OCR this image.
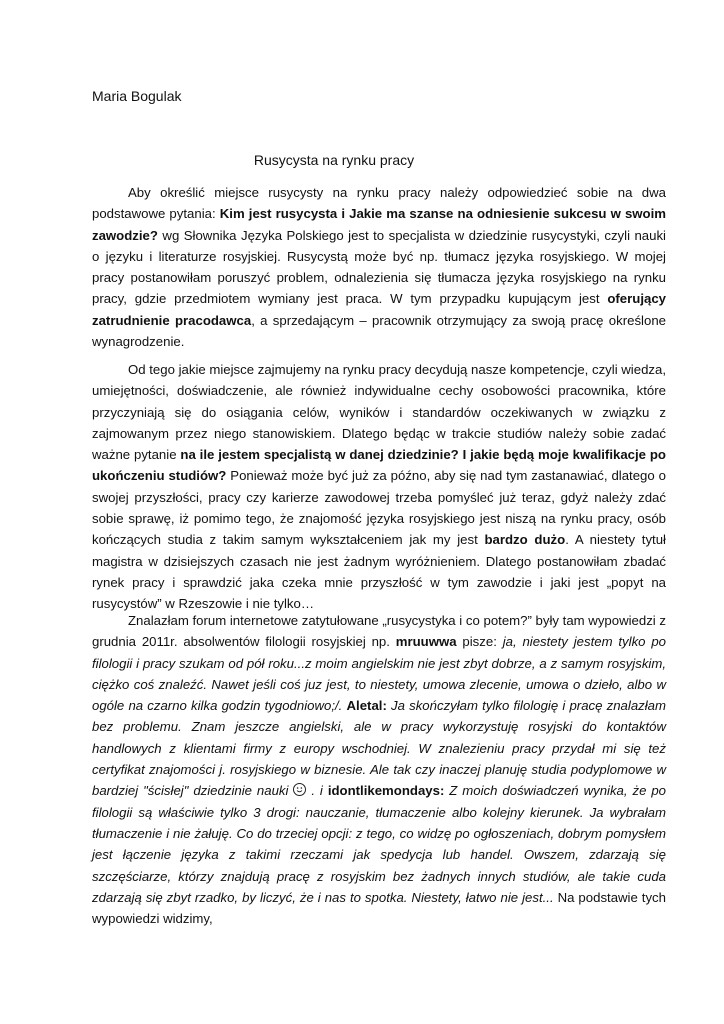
Maria Bogulak
Rusycysta na rynku pracy

Aby określić miejsce rusycysty na rynku pracy należy odpowiedzieć sobie na dwa podstawowe pytania: Kim jest rusycysta i Jakie ma szanse na odniesienie sukcesu w swoim zawodzie? wg Słownika Języka Polskiego jest to specjalista w dziedzinie rusycystyki, czyli nauki o języku i literaturze rosyjskiej. Rusycystą może być np. tłumacz języka rosyjskiego. W mojej pracy postanowiłam poruszyć problem, odnalezienia się tłumacza języka rosyjskiego na rynku pracy, gdzie przedmiotem wymiany jest praca. W tym przypadku kupującym jest oferujący zatrudnienie pracodawca, a sprzedającym – pracownik otrzymujący za swoją pracę określone wynagrodzenie.

Od tego jakie miejsce zajmujemy na rynku pracy decydują nasze kompetencje, czyli wiedza, umiejętności, doświadczenie, ale również indywidualne cechy osobowości pracownika, które przyczyniają się do osiągania celów, wyników i standardów oczekiwanych w związku z zajmowanym przez niego stanowiskiem. Dlatego będąc w trakcie studiów należy sobie zadać ważne pytanie na ile jestem specjalistą w danej dziedzinie? I jakie będą moje kwalifikacje po ukończeniu studiów? Ponieważ może być już za późno, aby się nad tym zastanawiać, dlatego o swojej przyszłości, pracy czy karierze zawodowej trzeba pomyśleć już teraz, gdyż należy zdać sobie sprawę, iż pomimo tego, że znajomość języka rosyjskiego jest niszą na rynku pracy, osób kończących studia z takim samym wykształceniem jak my jest bardzo dużo. A niestety tytuł magistra w dzisiejszych czasach nie jest żadnym wyróżnieniem. Dlatego postanowiłam zbadać rynek pracy i sprawdzić jaka czeka mnie przyszłość w tym zawodzie i jaki jest „popyt na rusycystów” w Rzeszowie i nie tylko…

Znalazłam forum internetowe zatytułowane „rusycystyka i co potem?” były tam wypowiedzi z grudnia 2011r. absolwentów filologii rosyjskiej np. mruuwwa pisze: ja, niestety jestem tylko po filologii i pracy szukam od pół roku...z moim angielskim nie jest zbyt dobrze, a z samym rosyjskim, ciężko coś znaleźć. Nawet jeśli coś juz jest, to niestety, umowa zlecenie, umowa o dzieło, albo w ogóle na czarno kilka godzin tygodniowo;/. Aletal: Ja skończyłam tylko filologię i pracę znalazłam bez problemu. Znam jeszcze angielski, ale w pracy wykorzystuję rosyjski do kontaktów handlowych z klientami firmy z europy wschodniej. W znalezieniu pracy przydał mi się też certyfikat znajomości j. rosyjskiego w biznesie. Ale tak czy inaczej planuję studia podyplomowe w bardziej "ścisłej" dziedzinie nauki
. i idontlikemondays: Z moich doświadczeń wynika, że po filologii są właściwie tylko 3 drogi: nauczanie, tłumaczenie albo kolejny kierunek. Ja wybrałam tłumaczenie i nie żałuję. Co do trzeciej opcji: z tego, co widzę po ogłoszeniach, dobrym pomysłem jest łączenie języka z takimi rzeczami jak spedycja lub handel. Owszem, zdarzają się szczęściarze, którzy znajdują pracę z rosyjskim bez żadnych innych studiów, ale takie cuda zdarzają się zbyt rzadko, by liczyć, że i nas to spotka. Niestety, łatwo nie jest... Na podstawie tych wypowiedzi widzimy,
